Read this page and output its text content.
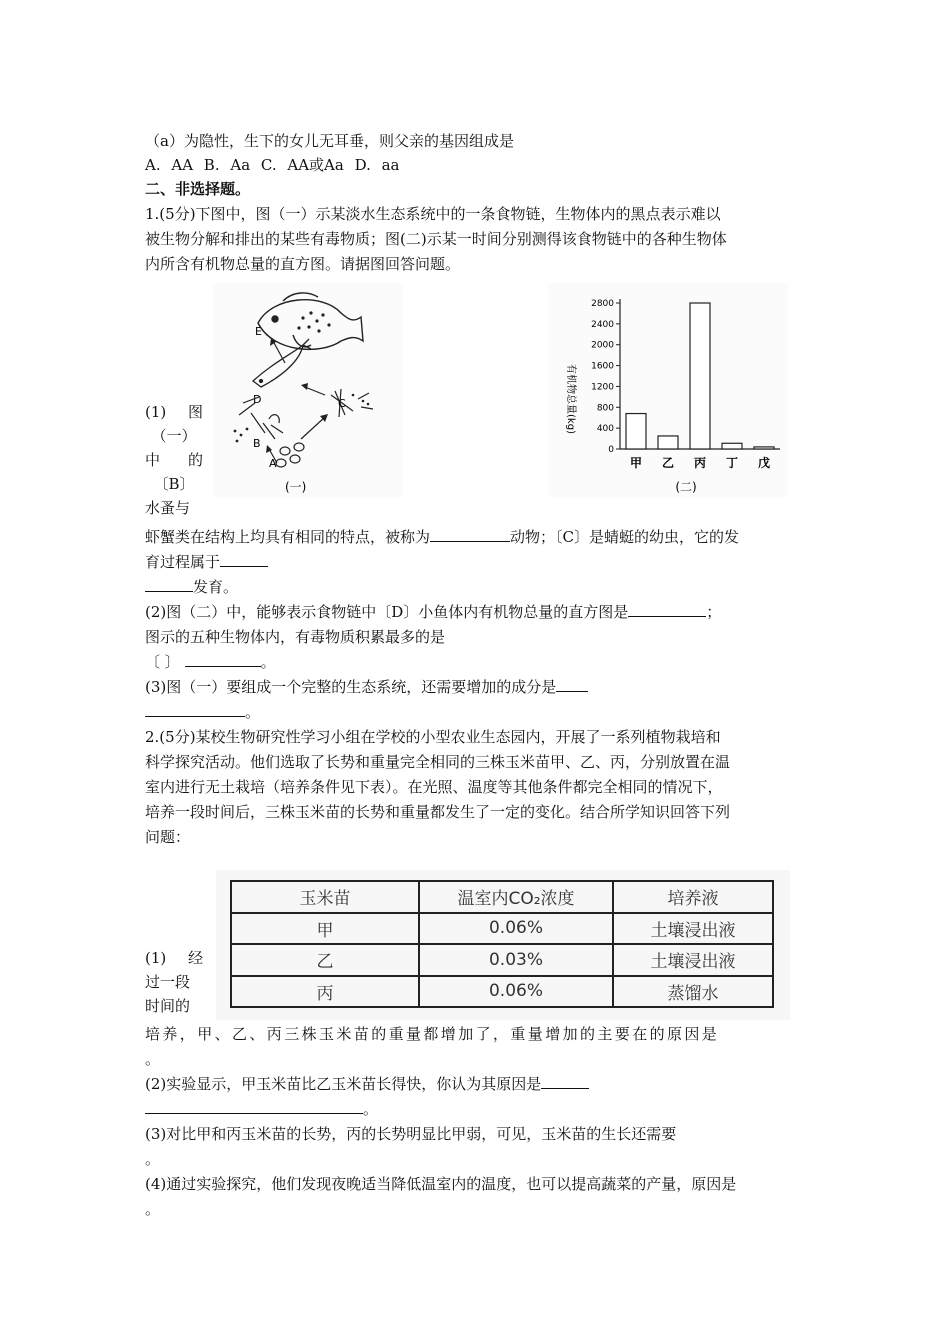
（a）为隐性，生下的女儿无耳垂，则父亲的基因组成是
A. AA B. Aa C. AA或Aa D. aa
二、非选择题。
1.(5分)下图中，图（一）示某淡水生态系统中的一条食物链，生物体内的黑点表示难以
被生物分解和排出的某些有毒物质；图(二)示某一时间分别测得该食物链中的各种生物体
内所含有机物总量的直方图。请据图回答问题。
E
D	C
B
A
(一)
有机物总量(kg)
(二)
0
400
800
1200
1600
2000
2400
2800
甲 乙 丙 丁 戊
(1) 图
（一）
中 的
〔B〕
水蚤与
虾蟹类在结构上均具有相同的特点，被称为	动物；〔C〕是蜻蜓的幼虫，它的发
育过程属于
发育。
(2)图（二）中，能够表示食物链中〔D〕小鱼体内有机物总量的直方图是	；
图示的五种生物体内，有毒物质积累最多的是
〔 〕	。
(3)图（一）要组成一个完整的生态系统，还需要增加的成分是
。
2.(5分)某校生物研究性学习小组在学校的小型农业生态园内，开展了一系列植物栽培和
科学探究活动。他们选取了长势和重量完全相同的三株玉米苗甲、乙、丙，分别放置在温
室内进行无土栽培（培养条件见下表）。在光照、温度等其他条件都完全相同的情况下，
培养一段时间后，三株玉米苗的长势和重量都发生了一定的变化。结合所学知识回答下列
问题：
玉米苗	温室内CO₂浓度	培养液
甲	0.06%	土壤浸出液
乙	0.03%	土壤浸出液
丙	0.06%	蒸馏水
(1) 经
过一段
时间的
培养，甲、乙、丙三株玉米苗的重量都增加了，重量增加的主要在的原因是
。
(2)实验显示，甲玉米苗比乙玉米苗长得快，你认为其原因是
。
(3)对比甲和丙玉米苗的长势，丙的长势明显比甲弱，可见，玉米苗的生长还需要
。
(4)通过实验探究，他们发现夜晚适当降低温室内的温度，也可以提高蔬菜的产量，原因是
。
